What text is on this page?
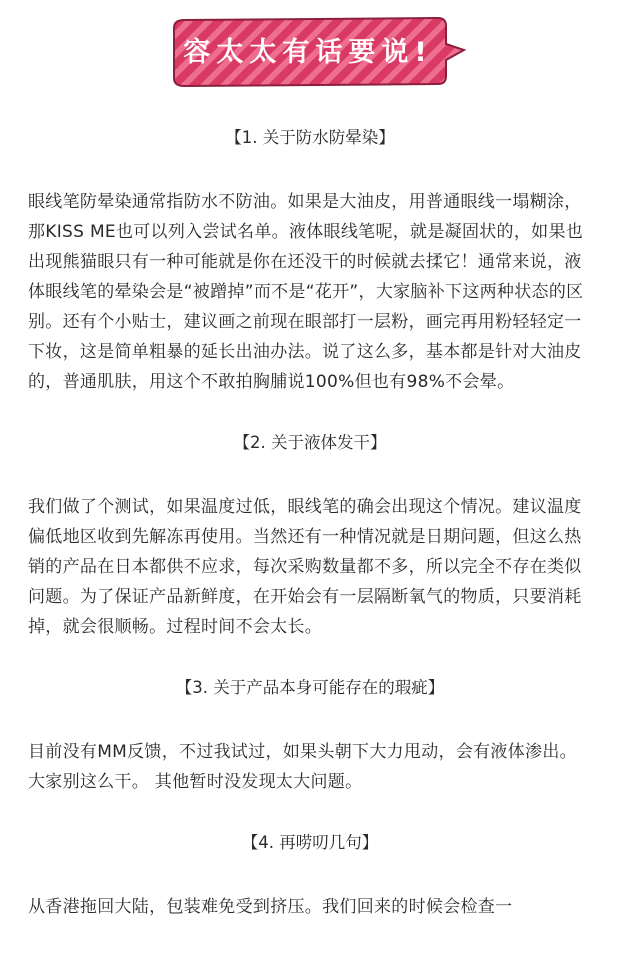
容太太有话要说!
【1. 关于防水防晕染】

眼线笔防晕染通常指防水不防油。如果是大油皮，用普通眼线一塌糊涂，那KISS ME也可以列入尝试名单。液体眼线笔呢，就是凝固状的，如果也出现熊猫眼只有一种可能就是你在还没干的时候就去揉它！通常来说，液体眼线笔的晕染会是“被蹭掉”而不是“花开”，大家脑补下这两种状态的区别。还有个小贴士，建议画之前现在眼部打一层粉，画完再用粉轻轻定一下妆，这是简单粗暴的延长出油办法。说了这么多，基本都是针对大油皮的，普通肌肤，用这个不敢拍胸脯说100%但也有98%不会晕。

【2. 关于液体发干】

我们做了个测试，如果温度过低，眼线笔的确会出现这个情况。建议温度偏低地区收到先解冻再使用。当然还有一种情况就是日期问题，但这么热销的产品在日本都供不应求，每次采购数量都不多，所以完全不存在类似问题。为了保证产品新鲜度，在开始会有一层隔断氧气的物质，只要消耗掉，就会很顺畅。过程时间不会太长。

【3. 关于产品本身可能存在的瑕疵】

目前没有MM反馈，不过我试过，如果头朝下大力甩动，会有液体渗出。大家别这么干。 其他暂时没发现太大问题。

【4. 再唠叨几句】

从香港拖回大陆，包装难免受到挤压。我们回来的时候会检查一
